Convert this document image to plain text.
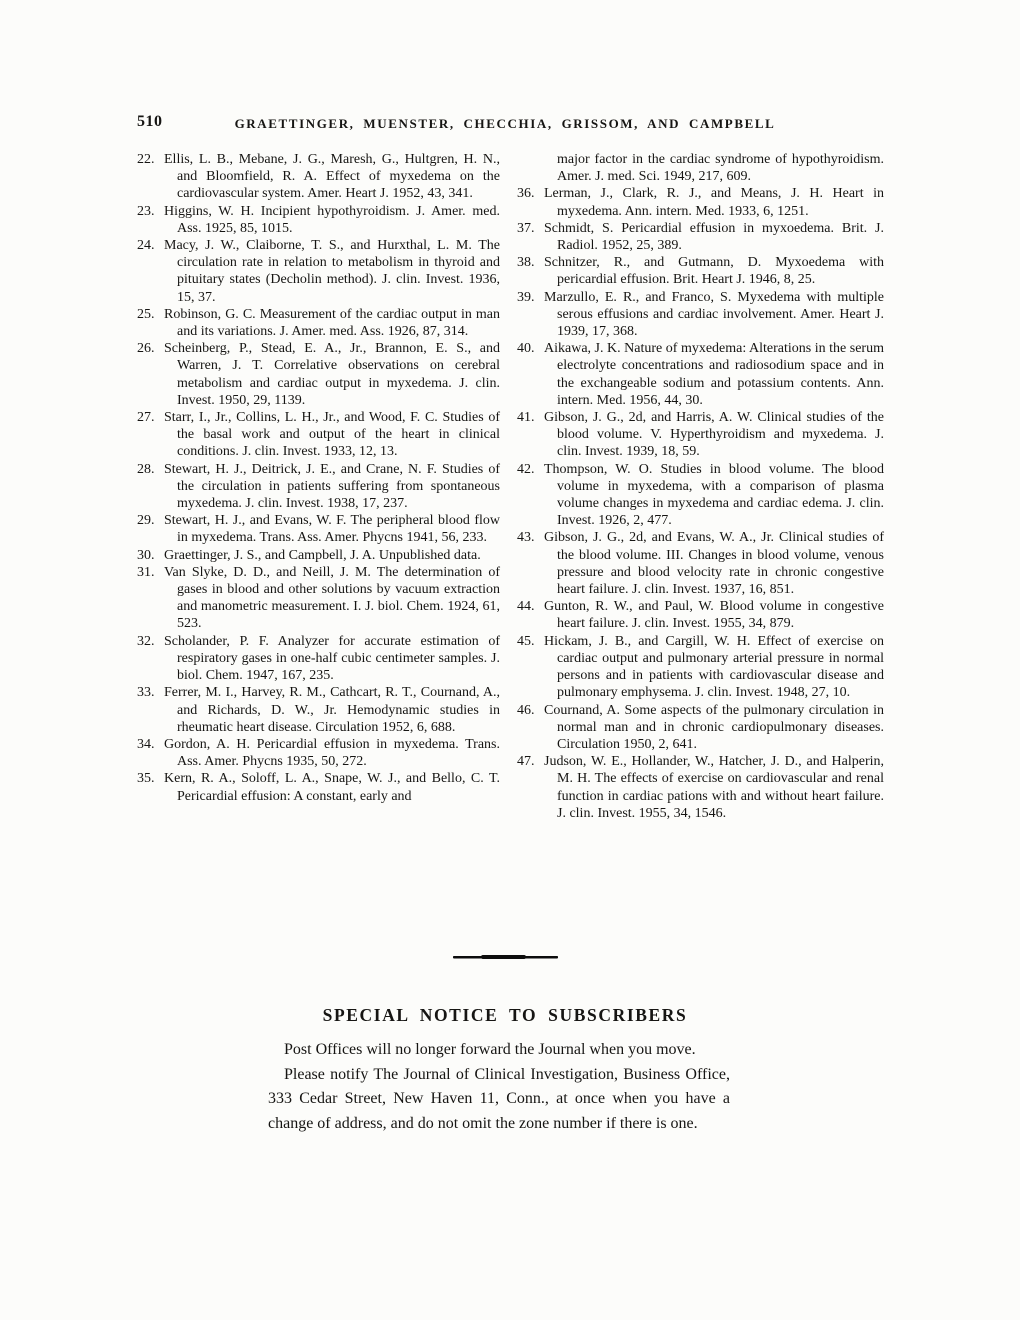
510	GRAETTINGER, MUENSTER, CHECCHIA, GRISSOM, AND CAMPBELL
22. Ellis, L. B., Mebane, J. G., Maresh, G., Hultgren, H. N., and Bloomfield, R. A. Effect of myxedema on the cardiovascular system. Amer. Heart J. 1952, 43, 341.
23. Higgins, W. H. Incipient hypothyroidism. J. Amer. med. Ass. 1925, 85, 1015.
24. Macy, J. W., Claiborne, T. S., and Hurxthal, L. M. The circulation rate in relation to metabolism in thyroid and pituitary states (Decholin method). J. clin. Invest. 1936, 15, 37.
25. Robinson, G. C. Measurement of the cardiac output in man and its variations. J. Amer. med. Ass. 1926, 87, 314.
26. Scheinberg, P., Stead, E. A., Jr., Brannon, E. S., and Warren, J. T. Correlative observations on cerebral metabolism and cardiac output in myxedema. J. clin. Invest. 1950, 29, 1139.
27. Starr, I., Jr., Collins, L. H., Jr., and Wood, F. C. Studies of the basal work and output of the heart in clinical conditions. J. clin. Invest. 1933, 12, 13.
28. Stewart, H. J., Deitrick, J. E., and Crane, N. F. Studies of the circulation in patients suffering from spontaneous myxedema. J. clin. Invest. 1938, 17, 237.
29. Stewart, H. J., and Evans, W. F. The peripheral blood flow in myxedema. Trans. Ass. Amer. Phycns 1941, 56, 233.
30. Graettinger, J. S., and Campbell, J. A. Unpublished data.
31. Van Slyke, D. D., and Neill, J. M. The determination of gases in blood and other solutions by vacuum extraction and manometric measurement. I. J. biol. Chem. 1924, 61, 523.
32. Scholander, P. F. Analyzer for accurate estimation of respiratory gases in one-half cubic centimeter samples. J. biol. Chem. 1947, 167, 235.
33. Ferrer, M. I., Harvey, R. M., Cathcart, R. T., Cournand, A., and Richards, D. W., Jr. Hemodynamic studies in rheumatic heart disease. Circulation 1952, 6, 688.
34. Gordon, A. H. Pericardial effusion in myxedema. Trans. Ass. Amer. Phycns 1935, 50, 272.
35. Kern, R. A., Soloff, L. A., Snape, W. J., and Bello, C. T. Pericardial effusion: A constant, early and
major factor in the cardiac syndrome of hypothyroidism. Amer. J. med. Sci. 1949, 217, 609.
36. Lerman, J., Clark, R. J., and Means, J. H. Heart in myxedema. Ann. intern. Med. 1933, 6, 1251.
37. Schmidt, S. Pericardial effusion in myxoedema. Brit. J. Radiol. 1952, 25, 389.
38. Schnitzer, R., and Gutmann, D. Myxoedema with pericardial effusion. Brit. Heart J. 1946, 8, 25.
39. Marzullo, E. R., and Franco, S. Myxedema with multiple serous effusions and cardiac involvement. Amer. Heart J. 1939, 17, 368.
40. Aikawa, J. K. Nature of myxedema: Alterations in the serum electrolyte concentrations and radiosodium space and in the exchangeable sodium and potassium contents. Ann. intern. Med. 1956, 44, 30.
41. Gibson, J. G., 2d, and Harris, A. W. Clinical studies of the blood volume. V. Hyperthyroidism and myxedema. J. clin. Invest. 1939, 18, 59.
42. Thompson, W. O. Studies in blood volume. The blood volume in myxedema, with a comparison of plasma volume changes in myxedema and cardiac edema. J. clin. Invest. 1926, 2, 477.
43. Gibson, J. G., 2d, and Evans, W. A., Jr. Clinical studies of the blood volume. III. Changes in blood volume, venous pressure and blood velocity rate in chronic congestive heart failure. J. clin. Invest. 1937, 16, 851.
44. Gunton, R. W., and Paul, W. Blood volume in congestive heart failure. J. clin. Invest. 1955, 34, 879.
45. Hickam, J. B., and Cargill, W. H. Effect of exercise on cardiac output and pulmonary arterial pressure in normal persons and in patients with cardiovascular disease and pulmonary emphysema. J. clin. Invest. 1948, 27, 10.
46. Cournand, A. Some aspects of the pulmonary circulation in normal man and in chronic cardiopulmonary diseases. Circulation 1950, 2, 641.
47. Judson, W. E., Hollander, W., Hatcher, J. D., and Halperin, M. H. The effects of exercise on cardiovascular and renal function in cardiac pations with and without heart failure. J. clin. Invest. 1955, 34, 1546.
SPECIAL NOTICE TO SUBSCRIBERS

Post Offices will no longer forward the Journal when you move.

Please notify The Journal of Clinical Investigation, Business Office, 333 Cedar Street, New Haven 11, Conn., at once when you have a change of address, and do not omit the zone number if there is one.
